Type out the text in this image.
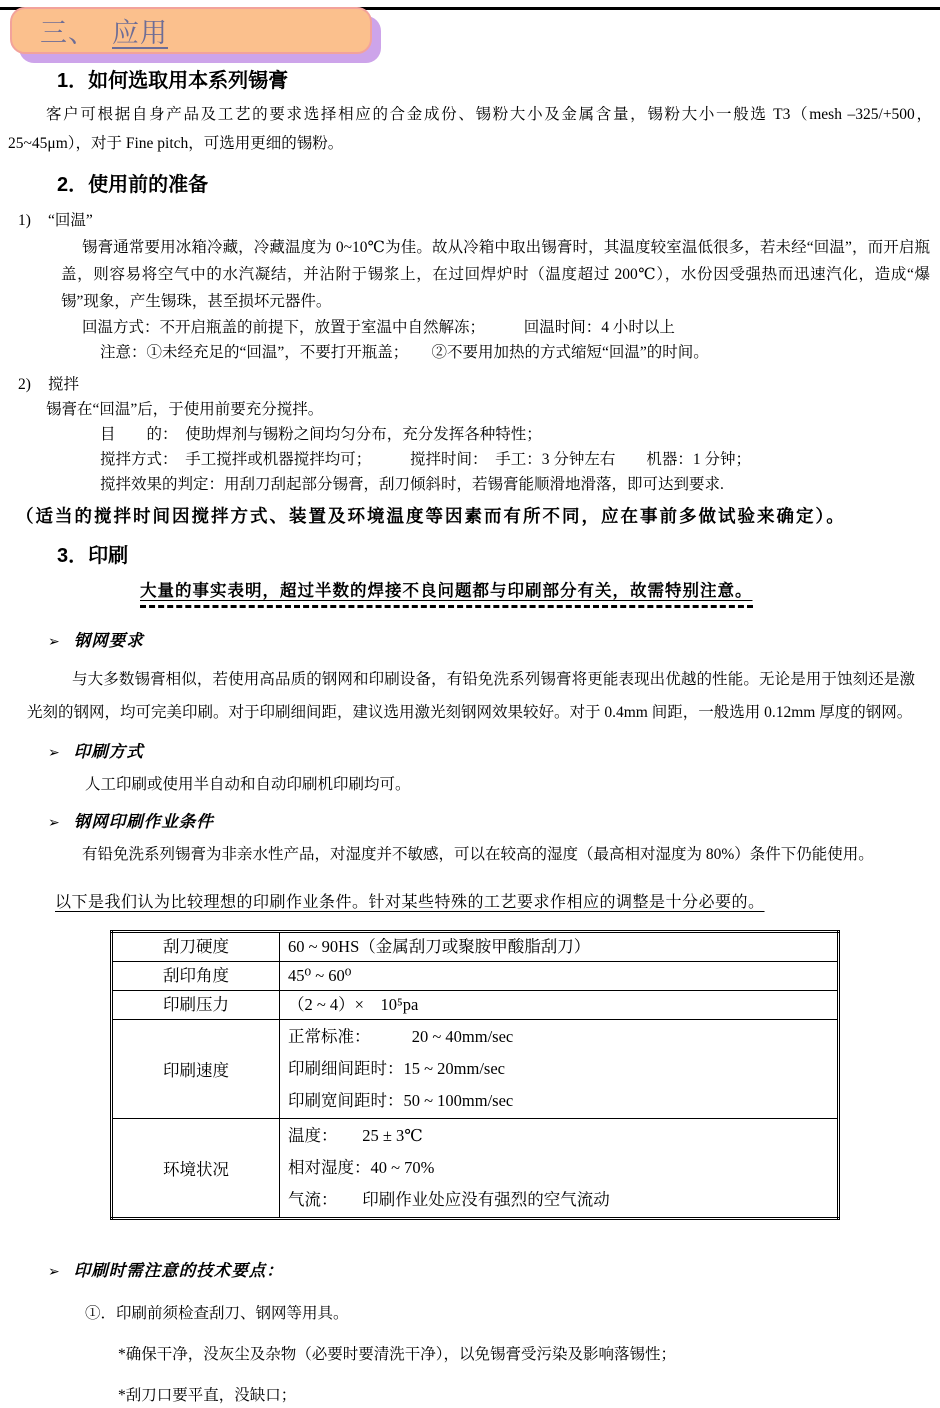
三、 应用
1．如何选取用本系列锡膏
客户可根据自身产品及工艺的要求选择相应的合金成份、锡粉大小及金属含量，锡粉大小一般选 T3（mesh –325/+500，25~45μm），对于 Fine pitch，可选用更细的锡粉。
2．使用前的准备
1) “回温”
锡膏通常要用冰箱冷藏，冷藏温度为 0~10℃为佳。故从冷箱中取出锡膏时，其温度较室温低很多，若未经“回温”，而开启瓶盖，则容易将空气中的水汽凝结，并沾附于锡浆上，在过回焊炉时（温度超过 200℃），水份因受强热而迅速汽化，造成“爆锡”现象，产生锡珠，甚至损坏元器件。
回温方式：不开启瓶盖的前提下，放置于室温中自然解冻；　　　回温时间：4 小时以上
注意：①未经充足的“回温”，不要打开瓶盖；　　②不要用加热的方式缩短“回温”的时间。
2) 搅拌
锡膏在“回温”后，于使用前要充分搅拌。
目　　的：　使助焊剂与锡粉之间均匀分布，充分发挥各种特性；
搅拌方式：　手工搅拌或机器搅拌均可；　　　搅拌时间：　手工：3 分钟左右　　机器：1 分钟；
搅拌效果的判定：用刮刀刮起部分锡膏，刮刀倾斜时，若锡膏能顺滑地滑落，即可达到要求.
（适当的搅拌时间因搅拌方式、装置及环境温度等因素而有所不同，应在事前多做试验来确定）。
3．印刷
大量的事实表明，超过半数的焊接不良问题都与印刷部分有关，故需特别注意。
➢ 钢网要求
与大多数锡膏相似，若使用高品质的钢网和印刷设备，有铅免洗系列锡膏将更能表现出优越的性能。无论是用于蚀刻还是激光刻的钢网，均可完美印刷。对于印刷细间距，建议选用激光刻钢网效果较好。对于 0.4mm 间距，一般选用 0.12mm 厚度的钢网。
➢ 印刷方式
人工印刷或使用半自动和自动印刷机印刷均可。
➢ 钢网印刷作业条件
有铅免洗系列锡膏为非亲水性产品，对湿度并不敏感，可以在较高的湿度（最高相对湿度为 80%）条件下仍能使用。
以下是我们认为比较理想的印刷作业条件。针对某些特殊的工艺要求作相应的调整是十分必要的。
刮刀硬度	60 ~ 90HS（金属刮刀或聚胺甲酸脂刮刀）
刮印角度	45⁰ ~ 60⁰
印刷压力	（2 ~ 4）×　10⁵pa
印刷速度	正常标准：　　　20 ~ 40mm/sec
印刷细间距时：15 ~ 20mm/sec
印刷宽间距时：50 ~ 100mm/sec

环境状况	温度：　　25 ± 3℃
相对湿度：40 ~ 70%
气流：　　印刷作业处应没有强烈的空气流动
➢ 印刷时需注意的技术要点：
①．印刷前须检查刮刀、钢网等用具。
*确保干净，没灰尘及杂物（必要时要清洗干净），以免锡膏受污染及影响落锡性；
*刮刀口要平直，没缺口；
